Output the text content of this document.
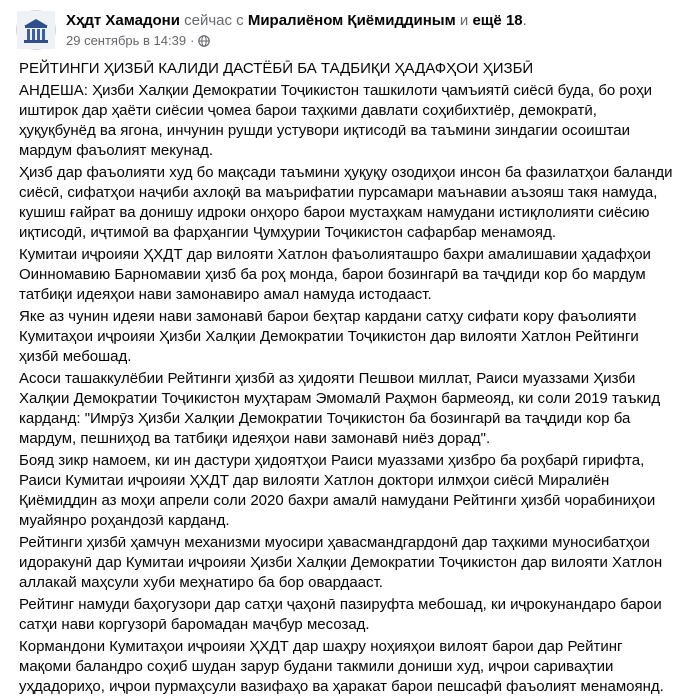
Хҳдт Хамадони сейчас с Миралиёном Қиёмиддиным и ещё 18.
29 сентябрь в 14:39 ·

РЕЙТИНГИ ҲИЗБӢ КАЛИДИ ДАСТЁБӢ БА ТАДБИҚИ ҲАДАФҲОИ ҲИЗБӢ

АНДЕША: Ҳизби Халқии Демократии Тоҷикистон ташкилоти ҷамъиятӣ сиёсӣ буда, бо роҳи иштирок дар ҳаёти сиёсии ҷомеа барои таҳкими давлати соҳибихтиёр, демократӣ, ҳуқуқбунёд ва ягона, инчунин рушди устувори иқтисодӣ ва таъмини зиндагии осоиштаи мардум фаъолият мекунад.

Ҳизб дар фаъолияти худ бо мақсади таъмини ҳуқуқу озодиҳои инсон ба фазилатҳои баланди сиёсӣ, сифатҳои наҷиби ахлоқӣ ва маърифатии пурсамари маънавии аъзояш такя намуда, кушиш ғайрат ва донишу идроки онҳоро барои мустаҳкам намудани истиқлолияти сиёсию иқтисодӣ, иҷтимоӣ ва фарҳангии Ҷумҳурии Тоҷикистон сафарбар менамояд.

Кумитаи иҷроияи ҲХДТ дар вилояти Хатлон фаъолияташро бахри амалишавии ҳадафҳои Оинномавию Барномавии ҳизб ба роҳ монда, барои бозингарӣ ва таҷдиди кор бо мардум татбиқи идеяҳои нави замонавиро амал намуда истодааст.

Яке аз чунин идеяи нави замонавӣ барои беҳтар кардани сатҳу сифати кору фаъолияти Кумитаҳои иҷроияи Ҳизби Халқии Демократии Тоҷикистон дар вилояти Хатлон Рейтинги ҳизбӣ мебошад.

Асоси ташаккулёбии Рейтинги ҳизбӣ аз ҳидояти Пешвои миллат, Раиси муаззами Ҳизби Халқии Демократии Тоҷикистон муҳтарам Эмомалӣ Раҳмон бармеояд, ки соли 2019 таъкид карданд: "Имрӯз Ҳизби Халқии Демократии Тоҷикистон ба бозингарӣ ва таҷдиди кор ба мардум, пешниҳод ва татбиқи идеяҳои нави замонавӣ ниёз дорад".

Бояд зикр намоем, ки ин дастури ҳидоятҳои Раиси муаззами ҳизбро ба роҳбарӣ гирифта, Раиси Кумитаи иҷроияи ҲХДТ дар вилояти Хатлон доктори илмҳои сиёсӣ Миралиён Қиёмиддин аз моҳи апрели соли 2020 бахри амалӣ намудани Рейтинги ҳизбӣ чорабиниҳои муайянро роҳандозӣ карданд.

Рейтинги ҳизбӣ ҳамчун механизми муосири ҳавасмандгардонӣ дар таҳкими муносибатҳои идоракунӣ дар Кумитаи иҷроияи Ҳизби Халқии Демократии Тоҷикистон дар вилояти Хатлон аллакай маҳсули хуби меҳнатиро ба бор овардааст.

Рейтинг намуди баҳогузори дар сатҳи ҷаҳонӣ пазируфта мебошад, ки иҷрокунандаро барои сатҳи нави коргузорӣ баромадан маҷбур месозад.

Кормандони Кумитаҳои иҷроияи ҲХДТ дар шаҳру ноҳияҳои вилоят барои дар Рейтинг мақоми баландро соҳиб шудан зарур будани такмили дониши худ, иҷрои сариваҳтии уҳдадориҳо, иҷрои пурмаҳсули вазифаҳо ва ҳаракат барои пешсафӣ фаъолият менамоянд.
